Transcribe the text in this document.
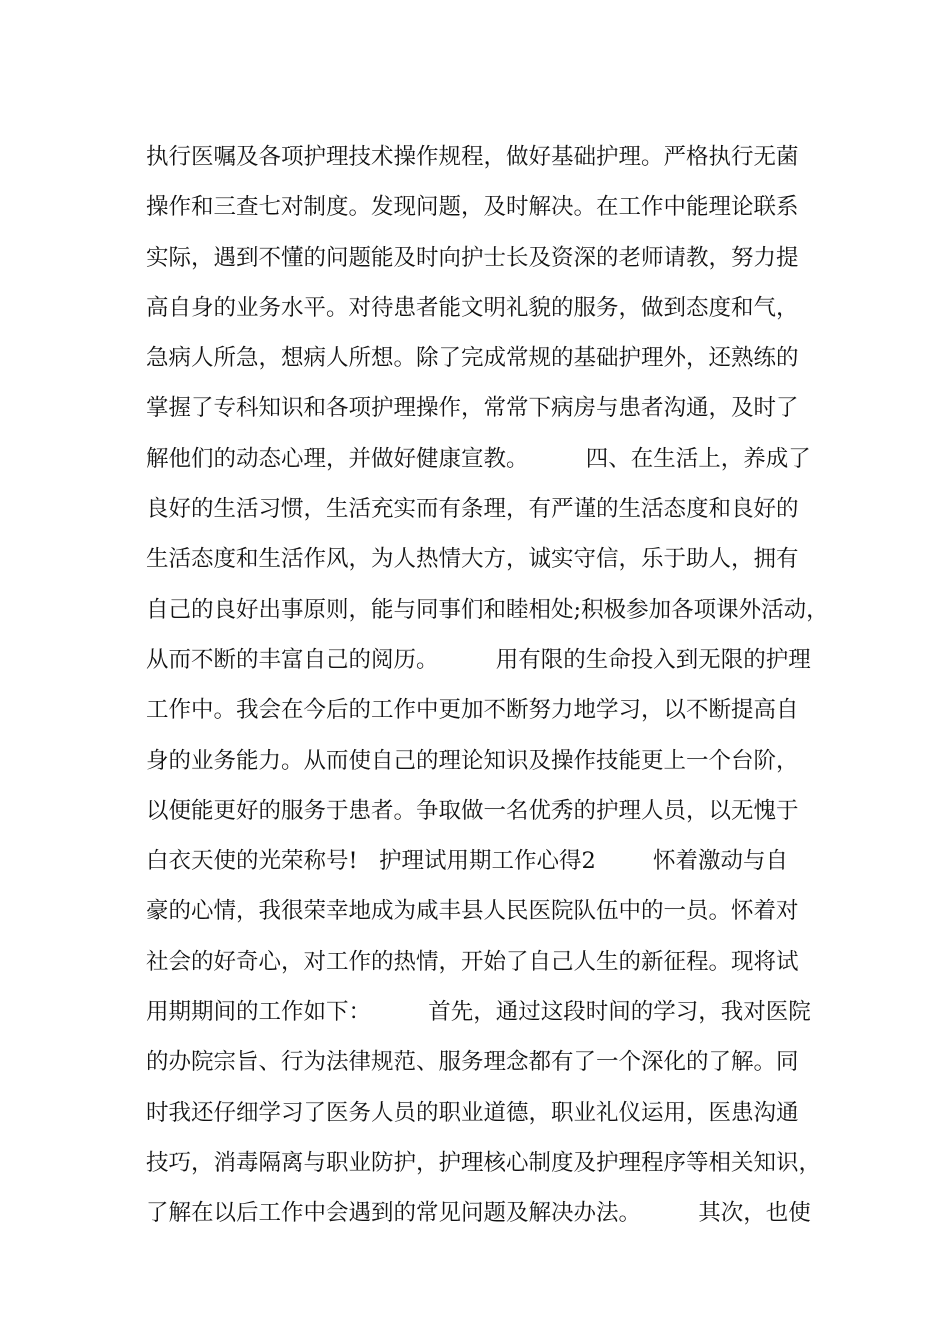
执行医嘱及各项护理技术操作规程，做好基础护理。严格执行无菌
操作和三查七对制度。发现问题，及时解决。在工作中能理论联系
实际，遇到不懂的问题能及时向护士长及资深的老师请教，努力提
高自身的业务水平。对待患者能文明礼貌的服务，做到态度和气，
急病人所急，想病人所想。除了完成常规的基础护理外，还熟练的
掌握了专科知识和各项护理操作，常常下病房与患者沟通，及时了
解他们的动态心理，并做好健康宣教。        四、在生活上，养成了
良好的生活习惯，生活充实而有条理，有严谨的生活态度和良好的
生活态度和生活作风，为人热情大方，诚实守信，乐于助人，拥有
自己的良好出事原则，能与同事们和睦相处;积极参加各项课外活动，
从而不断的丰富自己的阅历。        用有限的生命投入到无限的护理
工作中。我会在今后的工作中更加不断努力地学习，以不断提高自
身的业务能力。从而使自己的理论知识及操作技能更上一个台阶，
以便能更好的服务于患者。争取做一名优秀的护理人员，以无愧于
白衣天使的光荣称号!   护理试用期工作心得2        怀着激动与自
豪的心情，我很荣幸地成为咸丰县人民医院队伍中的一员。怀着对
社会的好奇心，对工作的热情，开始了自己人生的新征程。现将试
用期期间的工作如下：        首先，通过这段时间的学习，我对医院
的办院宗旨、行为法律规范、服务理念都有了一个深化的了解。同
时我还仔细学习了医务人员的职业道德，职业礼仪运用，医患沟通
技巧，消毒隔离与职业防护，护理核心制度及护理程序等相关知识，
了解在以后工作中会遇到的常见问题及解决办法。        其次，也使
